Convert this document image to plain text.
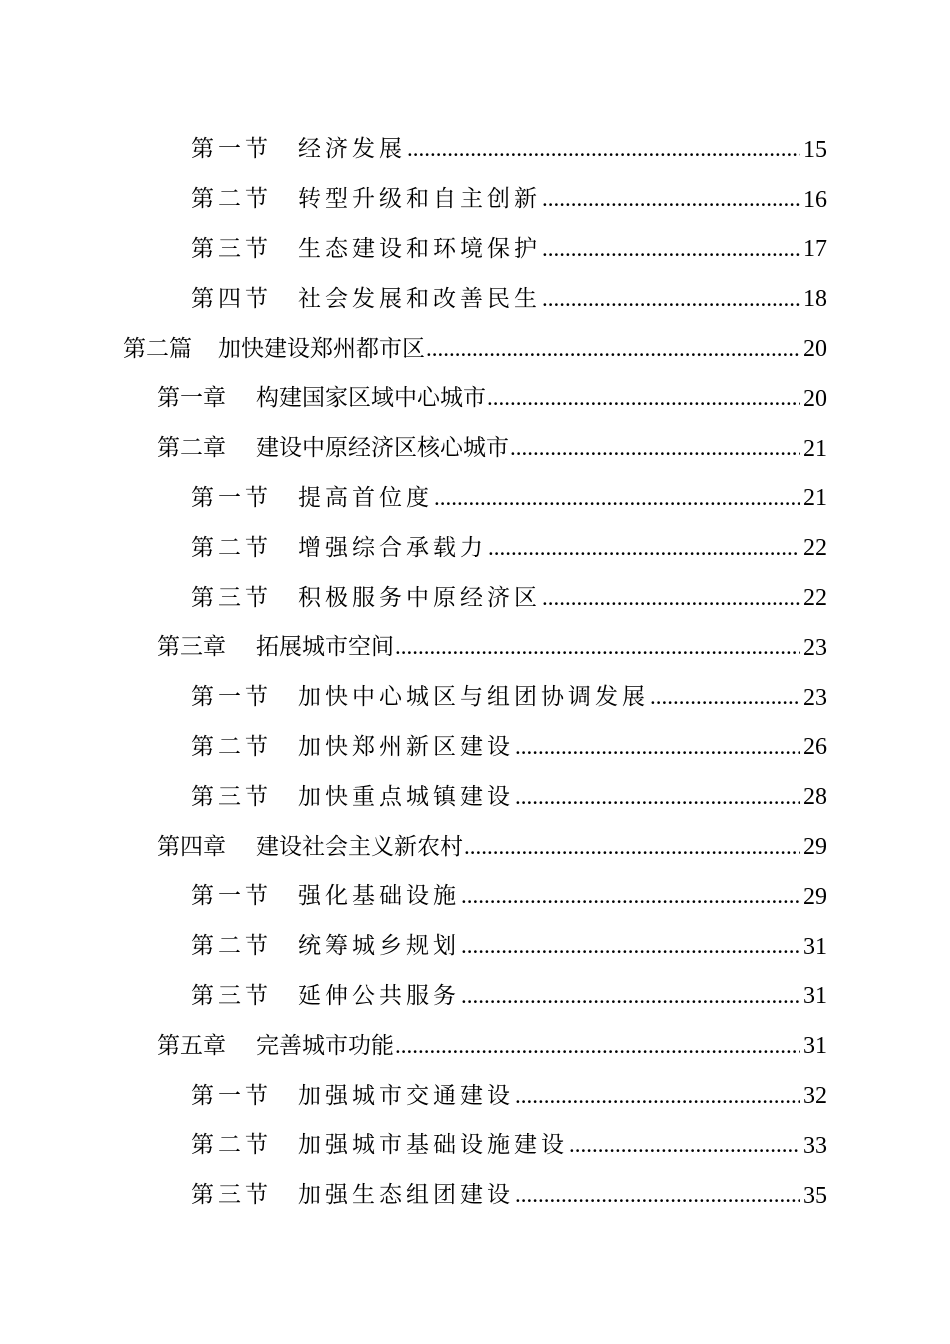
第一节 经济发展 .....	15
第二节 转型升级和自主创新 .....	16
第三节 生态建设和环境保护 .....	17
第四节 社会发展和改善民生 .....	18
第二篇 加快建设郑州都市区 .....	20
第一章 构建国家区域中心城市 .....	20
第二章 建设中原经济区核心城市 .....	21
第一节 提高首位度 .....	21
第二节 增强综合承载力 .....	22
第三节 积极服务中原经济区 .....	22
第三章 拓展城市空间 .....	23
第一节 加快中心城区与组团协调发展 .....	23
第二节 加快郑州新区建设 .....	26
第三节 加快重点城镇建设 .....	28
第四章 建设社会主义新农村 .....	29
第一节 强化基础设施 .....	29
第二节 统筹城乡规划 .....	31
第三节 延伸公共服务 .....	31
第五章 完善城市功能 .....	31
第一节 加强城市交通建设 .....	32
第二节 加强城市基础设施建设 .....	33
第三节 加强生态组团建设 .....	35
